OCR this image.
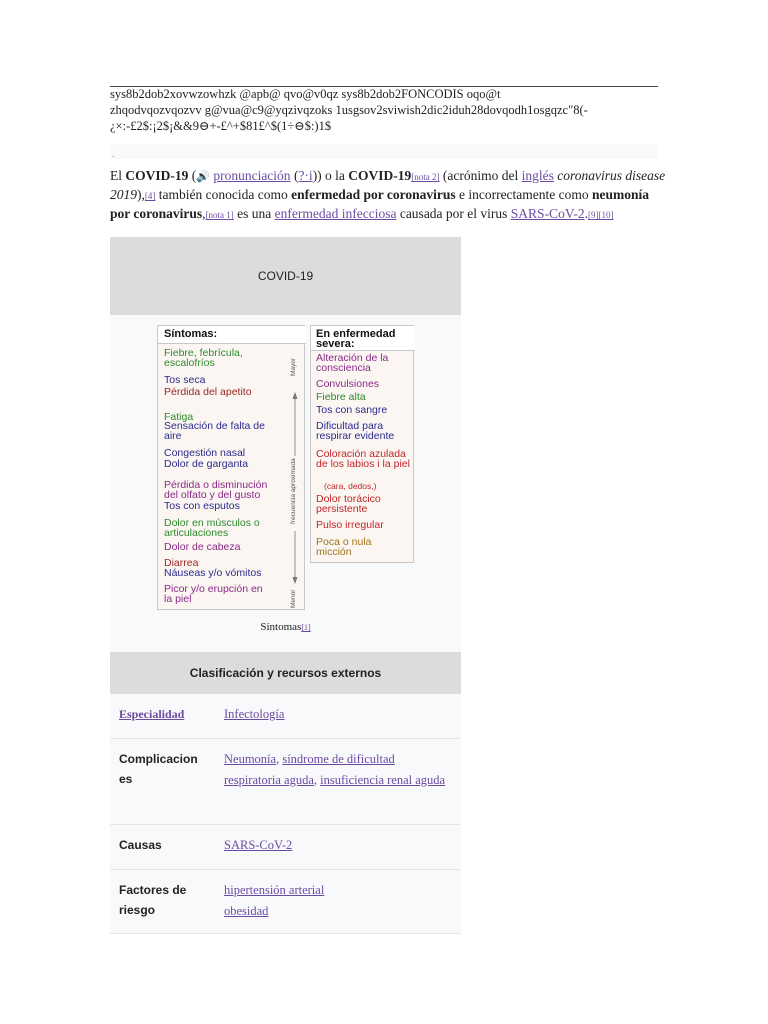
sys8b2dob2xovwzowhzk @apb@ qvo@v0qz sys8b2dob2FONCODIS oqo@t
zhqodvqozvqozvv g@vua@c9@yqzivqzoks 1usgsov2sviwish2dic2iduh28dovqodh1osgqzc"8(-
¿×:-£2$:¡2$¡&&9⊖+-£^+$81£^$(1÷⊖$:)1$
.
El COVID-19 (🔊 pronunciación (?·i)) o la COVID-19[nota 2] (acrónimo del inglés coronavirus disease 2019),[4] también conocida como enfermedad por coronavirus e incorrectamente como neumonía por coronavirus,[nota 1] es una enfermedad infecciosa causada por el virus SARS-CoV-2.[9][10]
COVID-19
Síntomas:
Fiebre, febrícula, escalofríos
Tos seca
Pérdida del apetito
Fatiga
Sensación de falta de aire
Congestión nasal
Dolor de garganta
Pérdida o disminución del olfato y del gusto
Tos con esputos
Dolor en músculos o articulaciones
Dolor de cabeza
Diarrea
Náuseas y/o vómitos
Picor y/o erupción en la piel
Mayor
frecuencia aproximada
Menor
En enfermedad severa:
Alteración de la consciencia
Convulsiones
Fiebre alta
Tos con sangre
Dificultad para respirar evidente
Coloración azulada de los labios i la piel
(cara, dedos,)
Dolor torácico persistente
Pulso irregular
Poca o nula micción
Síntomas[1]
Clasificación y recursos externos
Especialidad	Infectología
Complicacion
es
Neumonía, síndrome de dificultad respiratoria aguda, insuficiencia renal aguda
Causas	SARS-CoV-2
Factores de
riesgo
hipertensión arterial
obesidad
